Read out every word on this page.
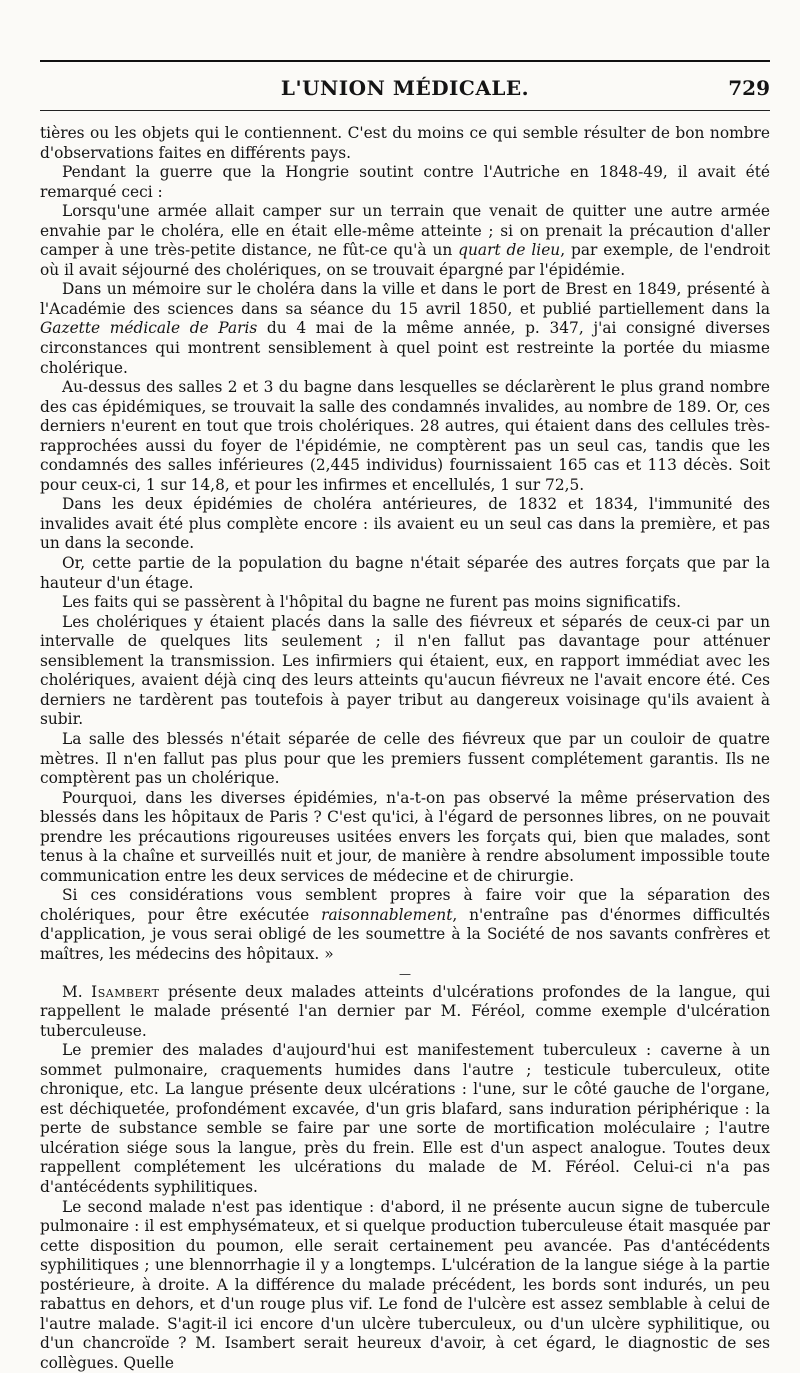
L'UNION MÉDICALE.	729

tières ou les objets qui le contiennent. C'est du moins ce qui semble résulter de bon nombre d'observations faites en différents pays.

Pendant la guerre que la Hongrie soutint contre l'Autriche en 1848-49, il avait été remarqué ceci :

Lorsqu'une armée allait camper sur un terrain que venait de quitter une autre armée envahie par le choléra, elle en était elle-même atteinte ; si on prenait la précaution d'aller camper à une très-petite distance, ne fût-ce qu'à un quart de lieu, par exemple, de l'endroit où il avait séjourné des cholériques, on se trouvait épargné par l'épidémie.

Dans un mémoire sur le choléra dans la ville et dans le port de Brest en 1849, présenté à l'Académie des sciences dans sa séance du 15 avril 1850, et publié partiellement dans la Gazette médicale de Paris du 4 mai de la même année, p. 347, j'ai consigné diverses circonstances qui montrent sensiblement à quel point est restreinte la portée du miasme cholérique.

Au-dessus des salles 2 et 3 du bagne dans lesquelles se déclarèrent le plus grand nombre des cas épidémiques, se trouvait la salle des condamnés invalides, au nombre de 189. Or, ces derniers n'eurent en tout que trois cholériques. 28 autres, qui étaient dans des cellules très-rapprochées aussi du foyer de l'épidémie, ne comptèrent pas un seul cas, tandis que les condamnés des salles inférieures (2,445 individus) fournissaient 165 cas et 113 décès. Soit pour ceux-ci, 1 sur 14,8, et pour les infirmes et encellulés, 1 sur 72,5.

Dans les deux épidémies de choléra antérieures, de 1832 et 1834, l'immunité des invalides avait été plus complète encore : ils avaient eu un seul cas dans la première, et pas un dans la seconde.

Or, cette partie de la population du bagne n'était séparée des autres forçats que par la hauteur d'un étage.

Les faits qui se passèrent à l'hôpital du bagne ne furent pas moins significatifs.

Les cholériques y étaient placés dans la salle des fiévreux et séparés de ceux-ci par un intervalle de quelques lits seulement ; il n'en fallut pas davantage pour atténuer sensiblement la transmission. Les infirmiers qui étaient, eux, en rapport immédiat avec les cholériques, avaient déjà cinq des leurs atteints qu'aucun fiévreux ne l'avait encore été. Ces derniers ne tardèrent pas toutefois à payer tribut au dangereux voisinage qu'ils avaient à subir.

La salle des blessés n'était séparée de celle des fiévreux que par un couloir de quatre mètres. Il n'en fallut pas plus pour que les premiers fussent complétement garantis. Ils ne comptèrent pas un cholérique.

Pourquoi, dans les diverses épidémies, n'a-t-on pas observé la même préservation des blessés dans les hôpitaux de Paris ? C'est qu'ici, à l'égard de personnes libres, on ne pouvait prendre les précautions rigoureuses usitées envers les forçats qui, bien que malades, sont tenus à la chaîne et surveillés nuit et jour, de manière à rendre absolument impossible toute communication entre les deux services de médecine et de chirurgie.

Si ces considérations vous semblent propres à faire voir que la séparation des cholériques, pour être exécutée raisonnablement, n'entraîne pas d'énormes difficultés d'application, je vous serai obligé de les soumettre à la Société de nos savants confrères et maîtres, les médecins des hôpitaux. »

—

M. Isambert présente deux malades atteints d'ulcérations profondes de la langue, qui rappellent le malade présenté l'an dernier par M. Féréol, comme exemple d'ulcération tuberculeuse.

Le premier des malades d'aujourd'hui est manifestement tuberculeux : caverne à un sommet pulmonaire, craquements humides dans l'autre ; testicule tuberculeux, otite chronique, etc. La langue présente deux ulcérations : l'une, sur le côté gauche de l'organe, est déchiquetée, profondément excavée, d'un gris blafard, sans induration périphérique : la perte de substance semble se faire par une sorte de mortification moléculaire ; l'autre ulcération siége sous la langue, près du frein. Elle est d'un aspect analogue. Toutes deux rappellent complétement les ulcérations du malade de M. Féréol. Celui-ci n'a pas d'antécédents syphilitiques.

Le second malade n'est pas identique : d'abord, il ne présente aucun signe de tubercule pulmonaire : il est emphysémateux, et si quelque production tuberculeuse était masquée par cette disposition du poumon, elle serait certainement peu avancée. Pas d'antécédents syphilitiques ; une blennorrhagie il y a longtemps. L'ulcération de la langue siége à la partie postérieure, à droite. A la différence du malade précédent, les bords sont indurés, un peu rabattus en dehors, et d'un rouge plus vif. Le fond de l'ulcère est assez semblable à celui de l'autre malade. S'agit-il ici encore d'un ulcère tuberculeux, ou d'un ulcère syphilitique, ou d'un chancroïde ? M. Isambert serait heureux d'avoir, à cet égard, le diagnostic de ses collègues. Quelle
